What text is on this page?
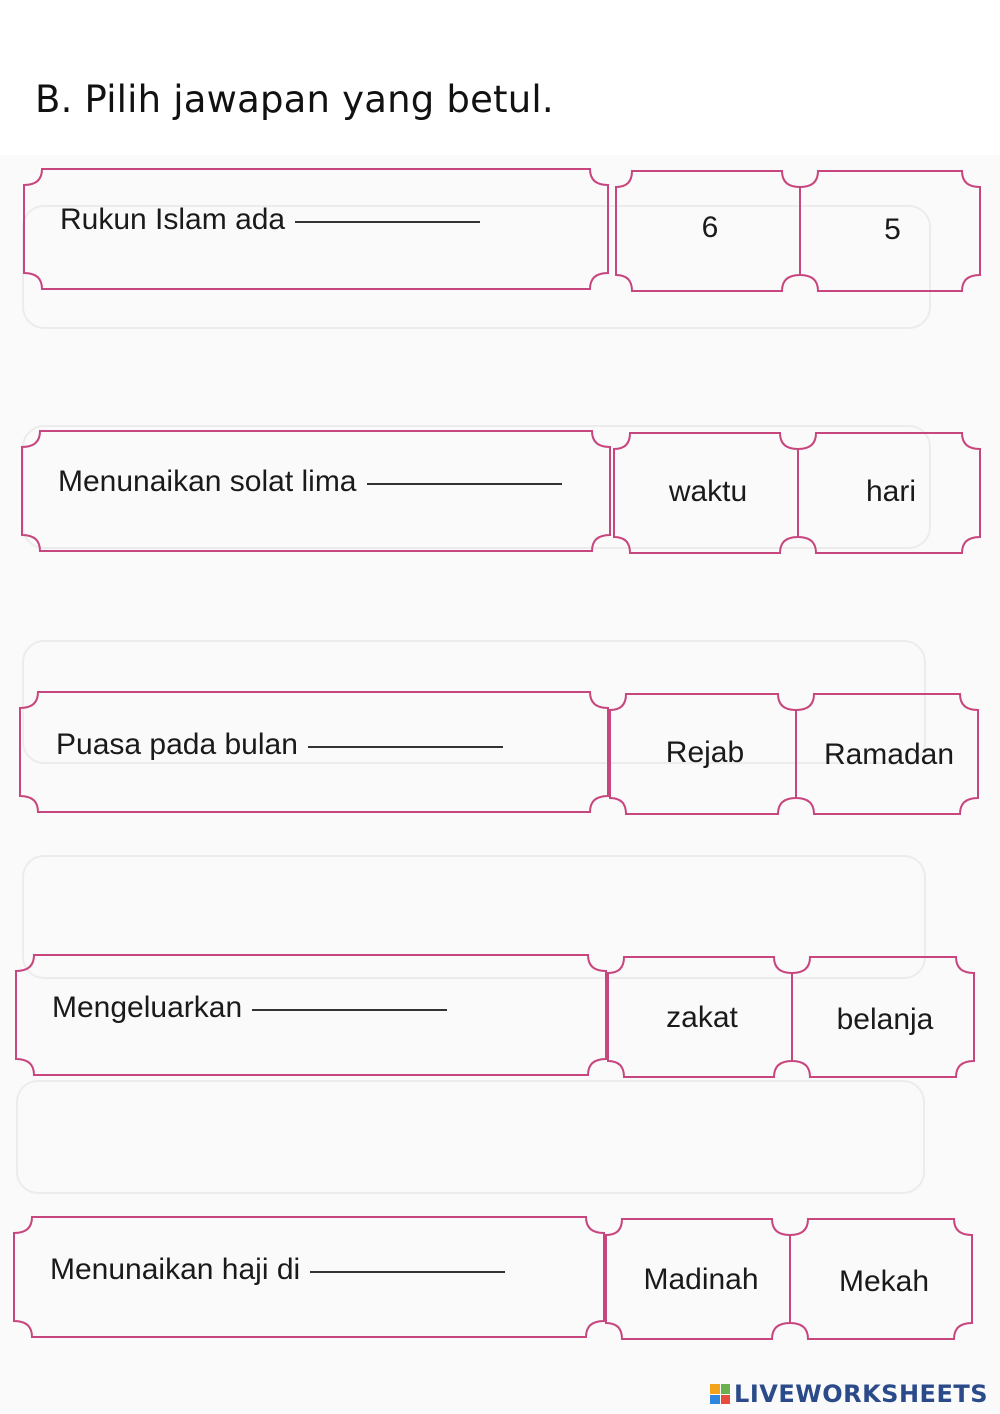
B. Pilih jawapan yang betul.
Rukun Islam ada	6	5
Menunaikan solat lima	waktu	hari
Puasa pada bulan	Rejab	Ramadan
Mengeluarkan	zakat	belanja
Menunaikan haji di	Madinah	Mekah
LIVEWORKSHEETS
